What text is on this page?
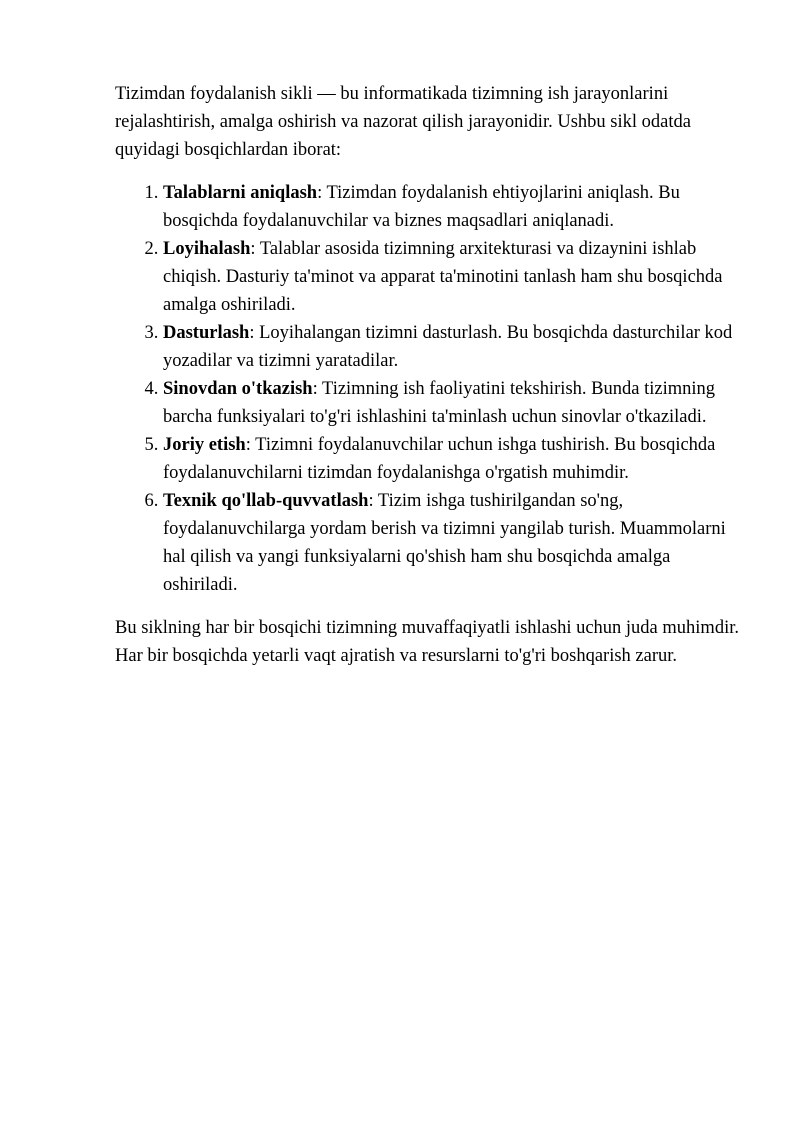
Tizimdan foydalanish sikli — bu informatikada tizimning ish jarayonlarini rejalashtirish, amalga oshirish va nazorat qilish jarayonidir. Ushbu sikl odatda quyidagi bosqichlardan iborat:

1. Talablarni aniqlash: Tizimdan foydalanish ehtiyojlarini aniqlash. Bu bosqichda foydalanuvchilar va biznes maqsadlari aniqlanadi.
2. Loyihalash: Talablar asosida tizimning arxitekturasi va dizaynini ishlab chiqish. Dasturiy ta'minot va apparat ta'minotini tanlash ham shu bosqichda amalga oshiriladi.
3. Dasturlash: Loyihalangan tizimni dasturlash. Bu bosqichda dasturchilar kod yozadilar va tizimni yaratadilar.
4. Sinovdan o'tkazish: Tizimning ish faoliyatini tekshirish. Bunda tizimning barcha funksiyalari to'g'ri ishlashini ta'minlash uchun sinovlar o'tkaziladi.
5. Joriy etish: Tizimni foydalanuvchilar uchun ishga tushirish. Bu bosqichda foydalanuvchilarni tizimdan foydalanishga o'rgatish muhimdir.
6. Texnik qo'llab-quvvatlash: Tizim ishga tushirilgandan so'ng, foydalanuvchilarga yordam berish va tizimni yangilab turish. Muammolarni hal qilish va yangi funksiyalarni qo'shish ham shu bosqichda amalga oshiriladi.

Bu siklning har bir bosqichi tizimning muvaffaqiyatli ishlashi uchun juda muhimdir. Har bir bosqichda yetarli vaqt ajratish va resurslarni to'g'ri boshqarish zarur.
